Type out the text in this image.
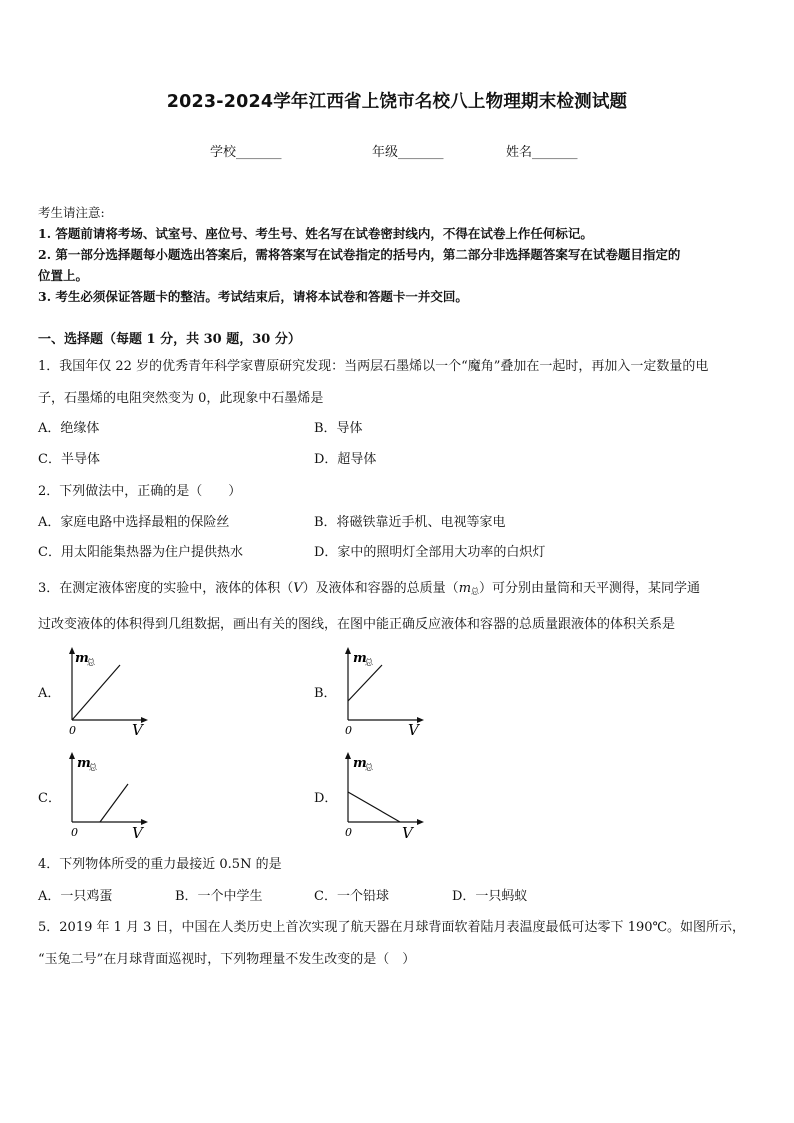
2023-2024学年江西省上饶市名校八上物理期末检测试题
学校_______	年级_______	姓名_______
考生请注意:
1. 答题前请将考场、试室号、座位号、考生号、姓名写在试卷密封线内，不得在试卷上作任何标记。
2. 第一部分选择题每小题选出答案后，需将答案写在试卷指定的括号内，第二部分非选择题答案写在试卷题目指定的
位置上。
3. 考生必须保证答题卡的整洁。考试结束后，请将本试卷和答题卡一并交回。
一、选择题（每题 1 分，共 30 题，30 分）
1．我国年仅 22 岁的优秀青年科学家曹原研究发现：当两层石墨烯以一个“魔角”叠加在一起时，再加入一定数量的电
子，石墨烯的电阻突然变为 0，此现象中石墨烯是
A．绝缘体	B．导体
C．半导体	D．超导体
2．下列做法中，正确的是（　　）
A．家庭电路中选择最粗的保险丝	B．将磁铁靠近手机、电视等家电
C．用太阳能集热器为住户提供热水	D．家中的照明灯全部用大功率的白炽灯
3．在测定液体密度的实验中，液体的体积（V）及液体和容器的总质量$(m_总)$可分别由量筒和天平测得，某同学通
过改变液体的体积得到几组数据，画出有关的图线，在图中能正确反应液体和容器的总质量跟液体的体积关系是
A．
m
总
0	V
B．
m
总
0	V
C．
m
总
0	V
D．
m
总
0	V
4．下列物体所受的重力最接近 0.5N 的是
A．一只鸡蛋	B．一个中学生	C．一个铅球	D．一只蚂蚁
5．2019 年 1 月 3 日，中国在人类历史上首次实现了航天器在月球背面软着陆月表温度最低可达零下 190℃。如图所示，
“玉兔二号”在月球背面巡视时，下列物理量不发生改变的是（　）
